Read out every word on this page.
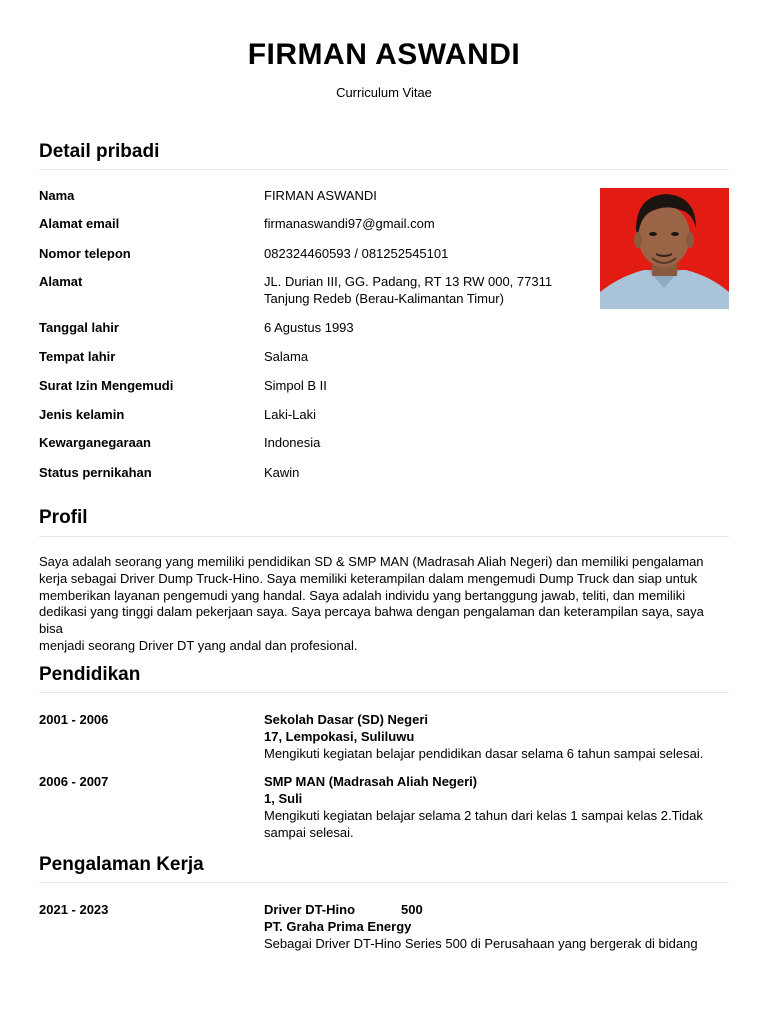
FIRMAN ASWANDI
Curriculum Vitae
Detail pribadi
Nama	FIRMAN ASWANDI
Alamat email	firmanaswandi97@gmail.com
Nomor telepon	082324460593 / 081252545101
Alamat	JL. Durian III, GG. Padang, RT 13 RW 000, 77311
Tanjung Redeb (Berau-Kalimantan Timur)
Tanggal lahir	6 Agustus 1993
Tempat lahir	Salama
Surat Izin Mengemudi	Simpol B II
Jenis kelamin	Laki-Laki
Kewarganegaraan	Indonesia
Status pernikahan	Kawin
Profil
Saya adalah seorang yang memiliki pendidikan SD & SMP MAN (Madrasah Aliah Negeri) dan memiliki pengalaman
kerja sebagai Driver Dump Truck-Hino. Saya memiliki keterampilan dalam mengemudi Dump Truck dan siap untuk
memberikan layanan pengemudi yang handal. Saya adalah individu yang bertanggung jawab, teliti, dan memiliki
dedikasi yang tinggi dalam pekerjaan saya. Saya percaya bahwa dengan pengalaman dan keterampilan saya, saya bisa
menjadi seorang Driver DT yang andal dan profesional.
Pendidikan
2001 - 2006	Sekolah Dasar (SD) Negeri
17, Lempokasi, Suliluwu
Mengikuti kegiatan belajar pendidikan dasar selama 6 tahun sampai selesai.
2006 - 2007	SMP MAN (Madrasah Aliah Negeri)
1, Suli
Mengikuti kegiatan belajar selama 2 tahun dari kelas 1 sampai kelas 2.Tidak
sampai selesai.
Pengalaman Kerja
2021 - 2023	Driver DT-Hino	500
PT. Graha Prima Energy
Sebagai Driver DT-Hino Series 500 di Perusahaan yang bergerak di bidang
